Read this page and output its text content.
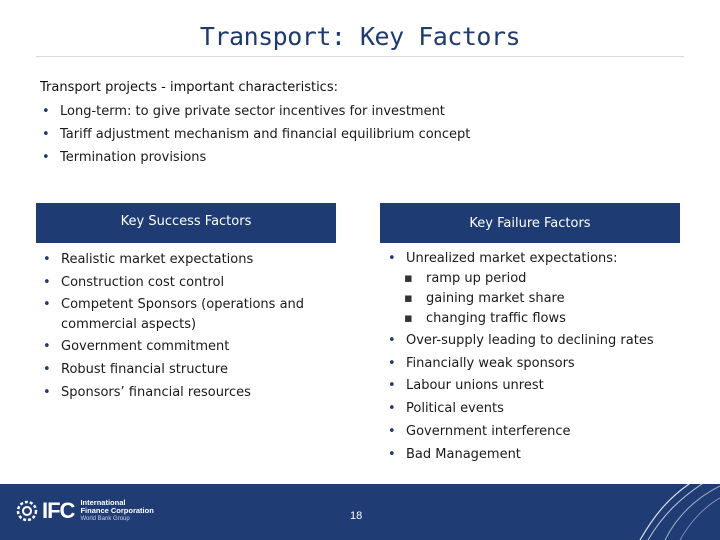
Transport: Key Factors
Transport projects - important characteristics:
• Long-term: to give private sector incentives for investment
• Tariff adjustment mechanism and financial equilibrium concept
• Termination provisions
Key Success Factors	Key Failure Factors
• Realistic market expectations
• Construction cost control
• Competent Sponsors (operations and commercial aspects)
• Government commitment
• Robust financial structure
• Sponsors’ financial resources
• Unrealized market expectations:
▪ ramp up period
▪ gaining market share
▪ changing traffic flows
• Over-supply leading to declining rates
• Financially weak sponsors
• Labour unions unrest
• Political events
• Government interference
• Bad Management
IFC International
Finance Corporation
World Bank Group	18
